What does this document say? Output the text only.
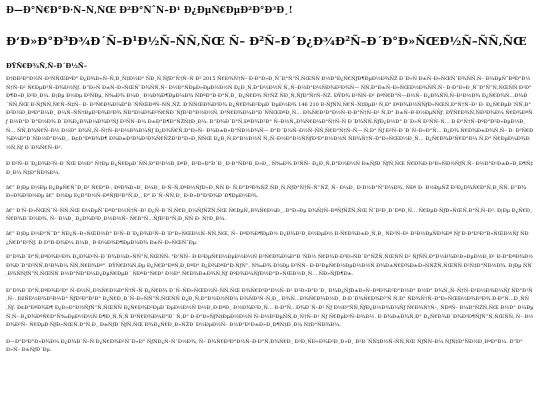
Ð—Ð°Ñ€Ð°Ð·Ñ–Ñ‚ÑŒ Ð²Ð°ÑˆÑ–Ð¹ Ð¿ÐµÑ€ÐµÐ²Ð°Ð³Ð¸!
Ð‘Ð»Ð°Ð³Ð¾Ð´Ñ–Ð¹Ð½Ñ–ÑÑ‚ÑŒ Ñ– Ð²Ñ–Ð´Ð¿Ð¾Ð²Ñ–Ð´Ð°Ð»ÑŒÐ½Ñ–ÑÑ‚ÑŒ
ÐŸÑ€Ð¾Ñ‚Ñ–Ð´Ð½Ñ–
Ð†ÐÐ²Ð°Ð½Ñ–Ð²ÑÑŒÐºÐ° Ð¿Ð¾Ð»Ñ–Ñ‚Ð¸Ñ‡Ð½Ð° ÑÐ¸Ñ‚ÑƒÐ°Ñ†Ñ–Ñ Ð² 2015 Ñ€Ð¾Ñ†Ñ– Ð·Ð°Ð»Ð¸ÑˆÐ°Ñ”Ñ‚ÑŒÑÑ Ð½Ð°Ð¿Ñ€ÑƒÐ¶ÐµÐ½Ð¾ÑŽ Ð´Ð»Ñ Ð±Ñ–Ð»ÑŒÑˆÐ¾ÑÑ‚Ñ– Ð¼ÐµÑˆÐºÐ°Ð½Ñ†Ñ–Ð² Ñ€ÐµÐ³Ñ–Ð¾Ð½Ñƒ. Ð”Ð»Ñ Ð±Ñ–Ð»ÑŒÑˆÐ¾ÑÑ‚Ñ– Ð½Ð°ÑÐµÐ»ÐµÐ½Ð½Ñ Ð¿Ð¸Ñ‚Ð°Ð½Ð½Ñ Ñ„Ñ–Ð½Ð°Ð½ÑÐ¾Ð²Ð¾Ñ— ÑÑ‚Ð°Ð±Ñ–Ð»ÑŒÐ½Ð¾ÑÑ‚Ñ– Ð·Ð°Ð»Ð¸ÑˆÐ°Ñ”Ñ‚ÑŒÑÑ Ð²Ð°Ð¶Ð»Ð¸Ð²Ð¸Ð¼. Ð¦Ðµ Ð½Ðµ Ð²ÑÐµ, Ñ‰Ð¾ Ð¼Ð¸ Ð¼Ð¾Ð¶ÐµÐ¼Ð¾ ÑÐºÐ°Ð·Ð°Ñ‚Ð¸ Ð¿Ñ€Ð¾ Ñ†ÑŽ ÑÐ¸Ñ‚ÑƒÐ°Ñ†Ñ–ÑŽ. ÐŸÐ¾ Ð²ÑÑ–Ð¹ ÐºÑ€Ð°Ñ—Ð½Ñ– Ð¿Ð¾ÑÑ‚Ñ–Ð¹Ð½Ð¾ Ð¿Ñ€Ð¾Ñ…Ð¾Ð´ÑÑ‚ÑŒ Ð·ÑƒÑÑ‚Ñ€Ñ–Ñ‡Ñ– Ð· Ð³Ñ€Ð¾Ð¼Ð°Ð´ÑÑŒÐºÑ–ÑÑ‚ÑŽ. Ð’ÑÑŒÐ¾Ð³Ð¾ Ð¿Ñ€Ð¾Ð²ÐµÐ´ÐµÐ½Ð¾ 146 210 Ð·ÑƒÑÑ‚Ñ€Ñ–Ñ‡ÐµÐ¹ Ñ‚Ð° ÐºÐ¾Ð½ÑÑƒÐ»ÑŒÑ‚Ð°Ñ†Ñ–Ð¹ Ð· Ð¿Ñ€ÐµÐ´ÑÑ‚Ð°Ð²Ð½Ð¸ÐºÐ°Ð¼Ð¸ Ð¼Ñ–ÑÑ†ÐµÐ²Ð¾Ð³Ð¾ ÑÐ°Ð¼Ð¾Ð²Ñ€ÑÐ´ÑƒÐ²Ð°Ð½Ð½Ñ, Ð³Ñ€Ð¾Ð¼Ð°Ð´ÑÑŒÐºÐ¸Ñ… Ð¾Ñ€Ð³Ð°Ð½Ñ–Ð·Ð°Ñ†Ñ–Ð¹ Ñ‚Ð° Ð±Ñ–Ð·Ð½ÐµÑÑƒ. ÐŸÑ€Ð¾Ñ‚ÑÐ³Ð¾Ð¼ Ñ€Ð¾ÐºÑƒ Ð½Ð°Ð´Ð°Ð½Ð¾ Ð´Ð¾Ð¿Ð¾Ð¼Ð¾Ð³Ñƒ Ð²ÑÑ–Ð¼ Ð±Ð°Ð¶Ð°ÑŽÑ‡Ð¸Ð¼. Ð”Ð¾Ð´Ð°Ñ‚ÐºÐ¾Ð²Ð° Ñ–Ð½Ñ„Ð¾Ñ€Ð¼Ð°Ñ†Ñ–Ñ Ð´Ð¾ÑÑ‚ÑƒÐ¿Ð½Ð° Ð´Ð»Ñ Ð²ÑÑ–Ñ… Ð·Ð°Ñ†Ñ–ÐºÐ°Ð²Ð»ÐµÐ½Ð¸Ñ… ÑÑ‚Ð¾Ñ€Ñ–Ð½ Ð½Ð° Ð¾Ñ„Ñ–Ñ†Ñ–Ð¹Ð½Ð¾Ð¼Ñƒ Ð¿Ð¾Ñ€Ñ‚Ð°Ð»Ñ– Ð¾Ð±Ð»Ð°ÑÐ½Ð¾Ñ— Ð°Ð´Ð¼Ñ–Ð½Ñ–ÑÑ‚Ñ€Ð°Ñ†Ñ–Ñ— Ñ‚Ð° Ñƒ Ð²Ñ–Ð´Ð´Ñ–Ð»Ð°Ñ… Ð¿Ð¾ Ñ€Ð¾Ð±Ð¾Ñ‚Ñ– Ð· Ð³Ñ€Ð¾Ð¼Ð°Ð´ÑÐ½Ð°Ð¼Ð¸. Ð¢Ð°ÐºÐ¾Ð¶ Ð¾Ð±Ð³Ð¾Ð²Ð¾Ñ€ÑŽÐ²Ð°Ð»Ð¸ÑÑŒ Ð¿Ð¸Ñ‚Ð°Ð½Ð½Ñ Ñ„Ñ–Ð½Ð°Ð½ÑÑƒÐ²Ð°Ð½Ð½Ñ ÑÐ¾Ñ†Ñ–Ð°Ð»ÑŒÐ½Ð¸Ñ… Ð¿Ñ€Ð¾Ð³Ñ€Ð°Ð¼ Ñ‚Ð° Ñ€ÐµÐ¼Ð¾Ð½Ñ‚Ñƒ Ð´Ð¾Ñ€Ñ–Ð³.
Ð Ð²Ñ–Ð´Ð¿Ð¾Ð²Ñ–Ð´ÑŒ Ð½Ð° Ñ†Ðµ Ð¿Ñ€ÐµÐ´ÑÑ‚Ð°Ð²Ð½Ð¸ÐºÐ¸ Ð²Ð»Ð°Ð´Ð¸ Ð·Ð°ÑÐ²Ð¸Ð»Ð¸, Ñ‰Ð¾ Ð²ÑÑ– Ð¿Ð¸Ñ‚Ð°Ð½Ð½Ñ Ð±ÑƒÐ´ÑƒÑ‚ÑŒ Ñ€Ð¾Ð·Ð³Ð»ÑÐ½ÑƒÑ‚Ñ– Ð½Ð°Ð¹Ð±Ð»Ð¸Ð¶Ñ‡Ð¸Ð¼ Ñ‡Ð°ÑÐ¾Ð¼.
â€” Ð¦Ðµ Ð½Ðµ Ð¿ÐµÑ€ÑˆÐ¸Ð¹ Ñ€Ð°Ð·, ÐºÐ¾Ð»Ð¸ Ð¼Ð¸ Ð·Ñ–Ñ‚ÐºÐ½ÑƒÐ»Ð¸ÑÑ Ð· Ñ‚Ð°ÐºÐ¾ÑŽ ÑÐ¸Ñ‚ÑƒÐ°Ñ†Ñ–Ñ”ÑŽ, Ñ– Ð¼Ð¸ Ð·Ð½Ð°Ñ”Ð¼Ð¾, ÑÐº Ð· Ð½ÐµÑŽ Ð²Ð¿Ð¾Ñ€Ð°Ñ‚Ð¸ÑÑ. Ð“Ð¾Ð»Ð¾Ð²Ð½Ðµ â€” Ð½Ðµ Ð¿Ð°Ð½Ñ–ÐºÑƒÐ²Ð°Ñ‚Ð¸, Ð° Ð´Ñ–ÑÑ‚Ð¸ Ð·Ð»Ð°Ð³Ð¾Ð´Ð¶ÐµÐ½Ð¾.
â€” Ð‘Ñ–Ð»ÑŒÑˆÑ–ÑÑ‚ÑŒ Ð¼ÐµÑˆÐºÐ°Ð½Ñ†Ñ–Ð² Ð¿Ñ–Ð´Ñ‚Ñ€Ð¸Ð¼ÑƒÑŽÑ‚ÑŒ Ñ€ÐµÑ„Ð¾Ñ€Ð¼Ð¸, Ð°Ð»Ðµ Ð¾Ñ‡Ñ–ÐºÑƒÑŽÑ‚ÑŒ ÑˆÐ²Ð¸Ð´ÐºÐ¸Ñ… Ñ€ÐµÐ·ÑƒÐ»ÑŒÑ‚Ð°Ñ‚Ñ–Ð². Ð¦Ðµ Ð¿Ñ€Ð¸Ñ€Ð¾Ð´Ð½Ð¾, Ñ– Ð¼Ð¸ Ð¿Ð¾Ð²Ð¸Ð½Ð½Ñ– Ñ€Ð°Ñ…ÑƒÐ²Ð°Ñ‚Ð¸ÑÑ Ð· Ñ†Ð¸Ð¼.
â€” Ð¦Ðµ Ð½Ð°ÑˆÐ° ÑÐ¿Ñ–Ð»ÑŒÐ½Ð° Ð²Ñ–Ð´Ð¿Ð¾Ð²Ñ–Ð´Ð°Ð»ÑŒÐ½Ñ–ÑÑ‚ÑŒ, Ñ– ÐºÐ¾Ð¶ÐµÐ½ Ð¿Ð¾Ð²Ð¸Ð½ÐµÐ½ Ð·Ñ€Ð¾Ð±Ð¸Ñ‚Ð¸ ÑÐ²Ñ–Ð¹ Ð²Ð½ÐµÑÐ¾Ðº Ñƒ Ð·Ð°Ð³Ð°Ð»ÑŒÐ½Ñƒ ÑÐ¿Ñ€Ð°Ð²Ñƒ. Ð Ð°Ð·Ð¾Ð¼ Ð¼Ð¸ Ð·Ð¼Ð¾Ð¶ÐµÐ¼Ð¾ Ð±Ñ–Ð»ÑŒÑˆÐµ.
Ð”Ð¾Ð´Ð°Ñ‚ÐºÐ¾Ð²Ð¾ Ð¿Ð¾Ð²Ñ–Ð´Ð¾Ð¼Ð»ÑÑ”Ñ‚ÑŒÑÑ: "Ð’ÑÑ– Ð·Ð²ÐµÑ€Ð½ÐµÐ½Ð½Ñ Ð³Ñ€Ð¾Ð¼Ð°Ð´ÑÐ½ Ñ€Ð¾Ð·Ð³Ð»ÑÐ´Ð°ÑŽÑ‚ÑŒÑÑ Ð² ÑƒÑÑ‚Ð°Ð½Ð¾Ð²Ð»ÐµÐ½Ð¸Ð¹ Ð·Ð°ÐºÐ¾Ð½Ð¾Ð´Ð°Ð²ÑÑ‚Ð²Ð¾Ð¼ ÑÑ‚Ñ€Ð¾Ðº". ÐŸÑ€Ð¾Ñ‚Ðµ Ð¿Ñ€Ð°ÐºÑ‚Ð¸ÐºÐ° Ð¿Ð¾ÐºÐ°Ð·ÑƒÑ”, Ñ‰Ð¾ Ð½Ðµ Ð²ÑÑ– Ð·Ð²ÐµÑ€Ð½ÐµÐ½Ð½Ñ Ð¾Ð±Ñ€Ð¾Ð±Ð»ÑÑŽÑ‚ÑŒÑÑ Ð²Ñ‡Ð°ÑÐ½Ð¾. Ð¦Ðµ ÑÑ‚Ð¾ÑÑƒÑ”Ñ‚ÑŒÑÑ Ð½Ð°ÑÐ°Ð¼Ð¿ÐµÑ€ÐµÐ´ ÑÐºÐ°Ñ€Ð³ Ð½Ð° Ñ€Ð¾Ð±Ð¾Ñ‚Ñƒ ÐºÐ¾Ð¼ÑƒÐ½Ð°Ð»ÑŒÐ½Ð¸Ñ… ÑÐ»ÑƒÐ¶Ð±.
Ð”Ð¾Ð´Ð°Ñ‚ÐºÐ¾Ð²Ð° Ñ–Ð½Ñ„Ð¾Ñ€Ð¼Ð°Ñ†Ñ–Ñ Ð¿Ñ€Ð¾ Ð´Ñ–ÑÐ»ÑŒÐ½Ñ–ÑÑ‚ÑŒ Ð¾Ñ€Ð³Ð°Ð½Ñ–Ð² Ð²Ð»Ð°Ð´Ð¸ Ð¾Ð¿ÑƒÐ±Ð»Ñ–ÐºÐ¾Ð²Ð°Ð½Ð° Ð½Ð° Ð¾Ñ„Ñ–Ñ†Ñ–Ð¹Ð½Ð¾Ð¼Ñƒ ÑÐ°Ð¹Ñ‚Ñ–. ÐžÑÐ½Ð¾Ð²Ð½Ð° ÑƒÐ²Ð°Ð³Ð° Ð¿Ñ€Ð¸Ð´Ñ–Ð»ÑÑ”Ñ‚ÑŒÑÑ Ð¿Ð¸Ñ‚Ð°Ð½Ð½ÑÐ¼ Ð¾ÑÐ²Ñ–Ñ‚Ð¸, Ð¾Ñ…Ð¾Ñ€Ð¾Ð½Ð¸ Ð·Ð´Ð¾Ñ€Ð¾Ð²'Ñ Ñ‚Ð° ÑÐ¾Ñ†Ñ–Ð°Ð»ÑŒÐ½Ð¾Ð³Ð¾ Ð·Ð°Ñ…Ð¸ÑÑ‚Ñƒ. Ð¢Ð°ÐºÐ¾Ð¶ Ð¿Ð»Ð°Ð½ÑƒÑ”Ñ‚ÑŒÑÑ Ð¿Ñ€Ð¾Ð²ÐµÐ´ÐµÐ½Ð½Ñ Ð½Ð¸Ð·ÐºÐ¸ Ð½Ð¾Ð²Ð¸Ñ… Ð·Ð°Ñ…Ð¾Ð´Ñ–Ð² Ñƒ Ð½Ð°ÑÑ‚ÑƒÐ¿Ð½Ð¾Ð¼Ñƒ Ñ€Ð¾Ñ†Ñ–, ÑÐºÑ– Ð¼Ð°ÑŽÑ‚ÑŒ Ð½Ð° Ð¼ÐµÑ‚Ñ– Ð¿Ð¾ÐºÑ€Ð°Ñ‰ÐµÐ½Ð½Ñ Ð¶Ð¸Ñ‚Ñ‚Ñ Ð³Ñ€Ð¾Ð¼Ð°Ð´ Ñ‚Ð° Ð·Ð°Ð»ÑƒÑ‡ÐµÐ½Ð½Ñ Ñ–Ð½Ð²ÐµÑÑ‚Ð¸Ñ†Ñ–Ð¹ Ñƒ Ñ€ÐµÐ³Ñ–Ð¾Ð½. Ð Ð¾Ð±Ð¾Ñ‚Ð° Ð¿Ñ€Ð¾Ð´Ð¾Ð²Ð¶ÑƒÑ”Ñ‚ÑŒÑÑ, Ñ– Ð½Ð¾Ð²Ñ– Ñ€ÐµÐ·ÑƒÐ»ÑŒÑ‚Ð°Ñ‚Ð¸ Ð±ÑƒÐ´ÑƒÑ‚ÑŒ Ð¾Ð¿Ñ€Ð¸Ð»ÑŽÐ´Ð½ÐµÐ½Ñ– Ð½Ð°Ð¹Ð±Ð»Ð¸Ð¶Ñ‡Ð¸Ð¼ Ñ‡Ð°ÑÐ¾Ð¼.
Ð—Ð°Ð³Ð°Ð»Ð¾Ð¼ Ð¿Ð¾Ð´Ñ–Ñ Ð¿Ñ€Ð¾Ð¹ÑˆÐ»Ð° ÑƒÑÐ¿Ñ–ÑˆÐ½Ð¾, Ñ– Ð¾Ñ€Ð³Ð°Ð½Ñ–Ð·Ð°Ñ‚Ð¾Ñ€Ð¸ Ð²Ð¸ÑÐ»Ð¾Ð²Ð¸Ð»Ð¸ Ð²Ð´ÑÑ‡Ð½Ñ–ÑÑ‚ÑŒ ÑƒÑÑ–Ð¼ ÑƒÑ‡Ð°ÑÐ½Ð¸ÐºÐ°Ð¼. Ð”Ð°Ð»Ñ– Ð±ÑƒÐ´Ðµ.
